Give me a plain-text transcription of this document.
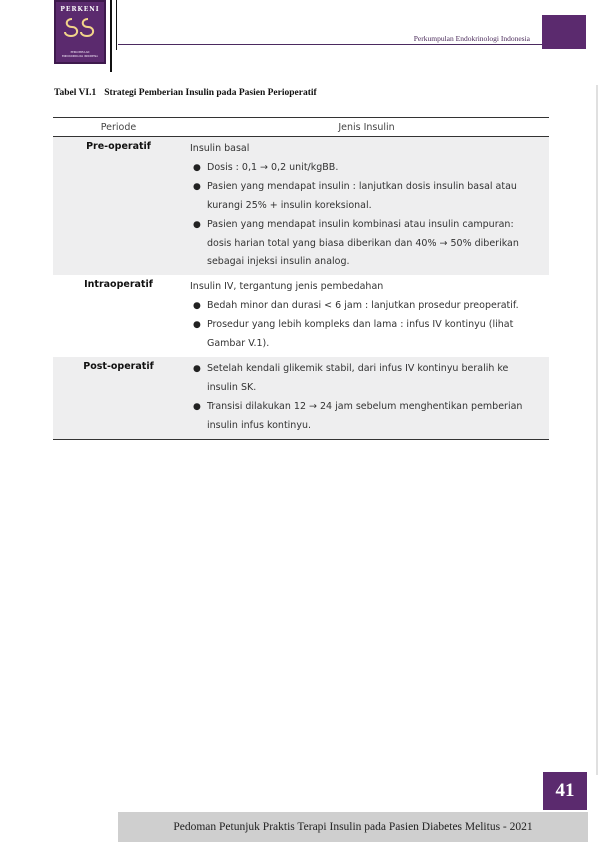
PERKENI
PERKUMPULAN ENDOKRINOLOGI INDONESIA
Perkumpulan Endokrinologi Indonesia
Tabel VI.1 Strategi Pemberian Insulin pada Pasien Perioperatif
Periode	Jenis Insulin
Pre-operatif	Insulin basal

● Dosis : 0,1 → 0,2 unit/kgBB.
● Pasien yang mendapat insulin : lanjutkan dosis insulin basal atau kurangi 25% + insulin koreksional.
● Pasien yang mendapat insulin kombinasi atau insulin campuran: dosis harian total yang biasa diberikan dan 40% → 50% diberikan sebagai injeksi insulin analog.
Intraoperatif	Insulin IV, tergantung jenis pembedahan

● Bedah minor dan durasi < 6 jam : lanjutkan prosedur preoperatif.
● Prosedur yang lebih kompleks dan lama : infus IV kontinyu (lihat Gambar V.1).
Post-operatif	● Setelah kendali glikemik stabil, dari infus IV kontinyu beralih ke insulin SK.
● Transisi dilakukan 12 → 24 jam sebelum menghentikan pemberian insulin infus kontinyu.
41
Pedoman Petunjuk Praktis Terapi Insulin pada Pasien Diabetes Melitus - 2021
